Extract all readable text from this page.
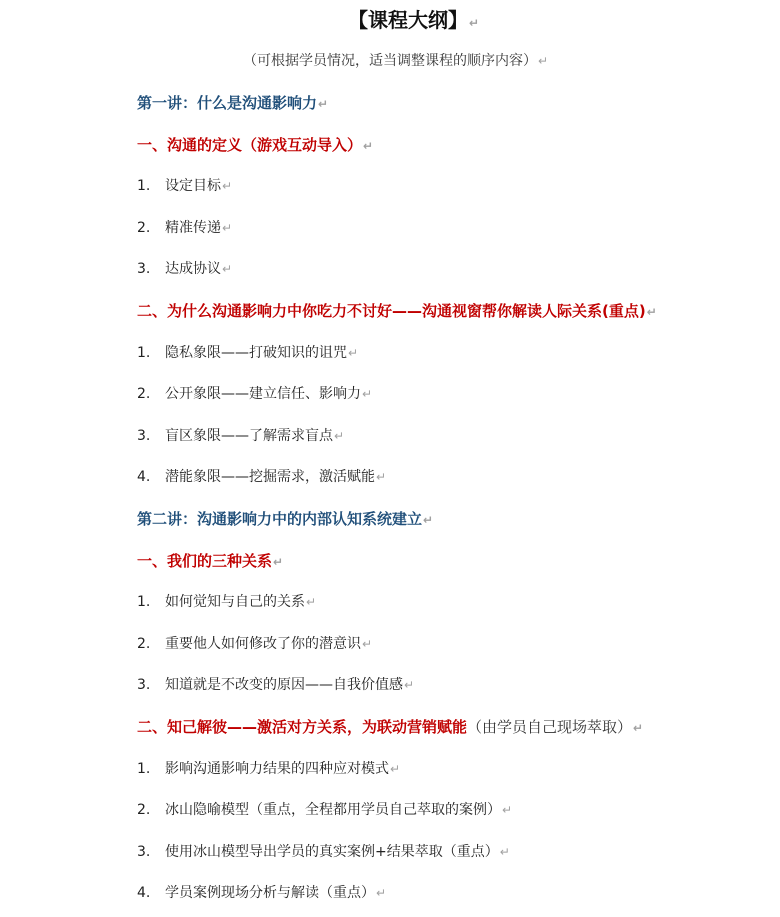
【课程大纲】↵
（可根据学员情况，适当调整课程的顺序内容）↵
第一讲：什么是沟通影响力↵
一、沟通的定义（游戏互动导入）↵
1. 设定目标↵
2. 精准传递↵
3. 达成协议↵
二、为什么沟通影响力中你吃力不讨好——沟通视窗帮你解读人际关系(重点)↵
1. 隐私象限——打破知识的诅咒↵
2. 公开象限——建立信任、影响力↵
3. 盲区象限——了解需求盲点↵
4. 潜能象限——挖掘需求，激活赋能↵
第二讲：沟通影响力中的内部认知系统建立↵
一、我们的三种关系↵
1. 如何觉知与自己的关系↵
2. 重要他人如何修改了你的潜意识↵
3. 知道就是不改变的原因——自我价值感↵
二、知己解彼——激活对方关系，为联动营销赋能（由学员自己现场萃取）↵
1. 影响沟通影响力结果的四种应对模式↵
2. 冰山隐喻模型（重点，全程都用学员自己萃取的案例）↵
3. 使用冰山模型导出学员的真实案例+结果萃取（重点）↵
4. 学员案例现场分析与解读（重点）↵
